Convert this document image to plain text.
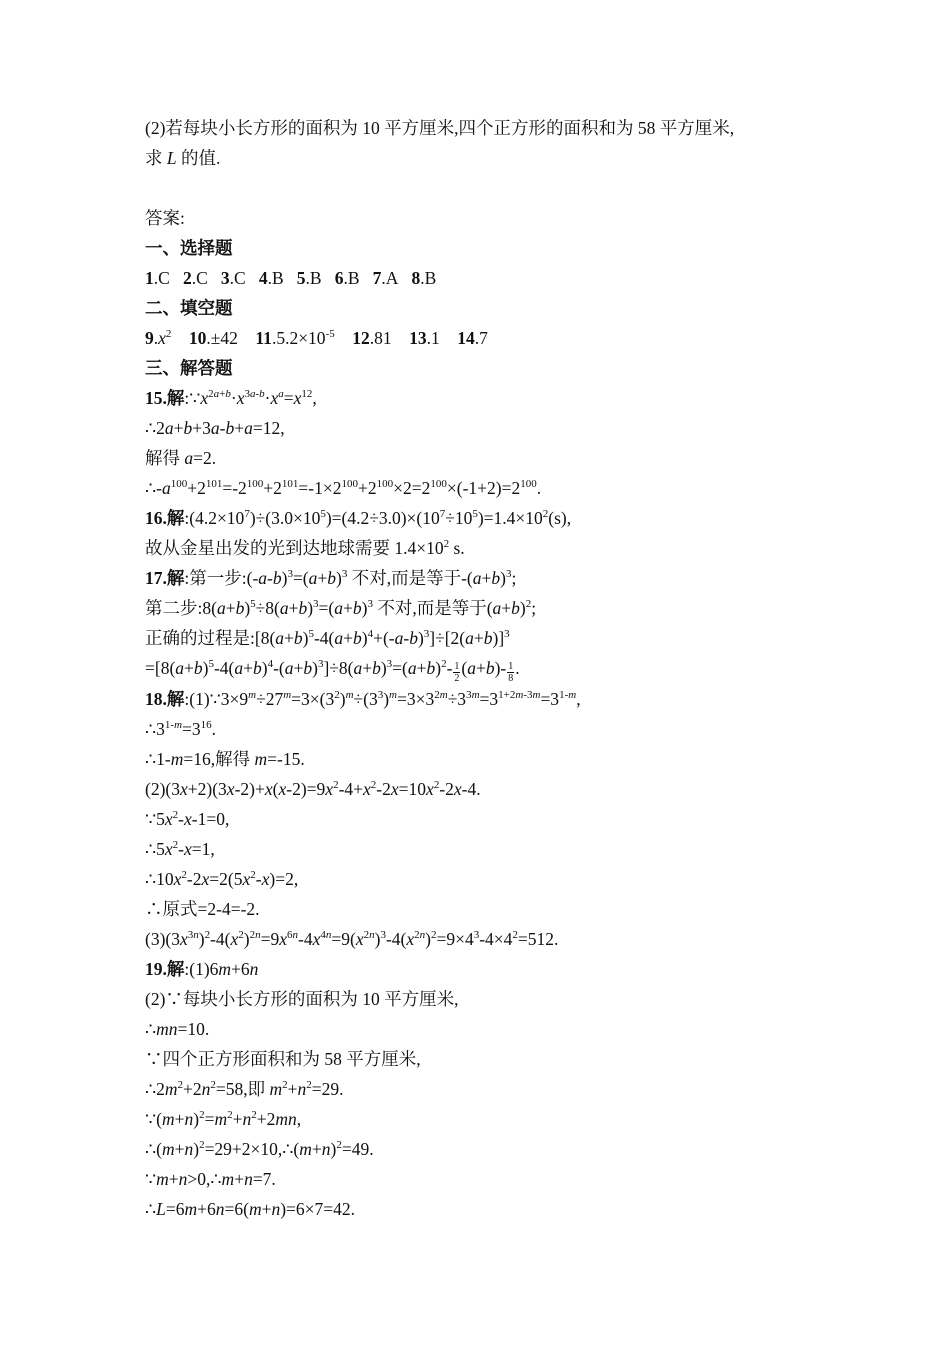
(2)若每块小长方形的面积为 10 平方厘米,四个正方形的面积和为 58 平方厘米,
求 L 的值.
答案:
一、选择题
1.C 2.C 3.C 4.B 5.B 6.B 7.A 8.B
二、填空题
$9.x^2$ 10.±42 $11.5.2\times 10^{-5}$ 12.81 13.1 14.7
三、解答题
15.解$:\because x^{2a+b}\cdot x^{3a-b}\cdot x^a=x^{12}$,
∴2a+b+3a-b+a=12,
解得 a=2.
$\therefore-a^{100}+2^{101}=-2^{100}+2^{101}=-1\times 2^{100}+2^{100}\times 2=2^{100}\times(-1+2)=2^{100}$.
16.解$:(4.2\times 10^7)\div(3.0\times 10^5)=(4.2\div 3.0)\times(10^7\div 10^5)=1.4\times 10^2(s)$,
故从金星出发的光到达地球需要 $1.4\times 10^2$ s.
17.解:第一步$:(-a-b)^3=(a+b)^3$ 不对,而是等于$-(a+b)^3$;
第二步$:8(a+b)^5\div 8(a+b)^3=(a+b)^3$ 不对,而是等于$(a+b)^2$;
正确的过程是$:[8(a+b)^5-4(a+b)^4+(-a-b)^3]\div[2(a+b)]^3$
$=[8(a+b)^5-4(a+b)^4-(a+b)^3]\div 8(a+b)^3=(a+b)^2- \frac{1}{2} (a+b)- \frac{1}{8}$ .
18.解$:(1)\because 3\times 9^m\div 27^m=3\times(3^2)^m\div(3^3)^m=3\times 3^{2m}\div 3^{3m}=3^{1+2m-3m}=3^{1-m}$,
$\therefore 3^{1-m}=3^{16}$.
∴1-m=16,解得 m=-15.
$(2)(3x+2)(3x-2)+x(x-2)=9x^2-4+x^2-2x=10x^2-2x-4$.
$\because 5x^2-x-1=0$,
$\therefore 5x^2-x=1$,
$\therefore 10x^2-2x=2(5x^2-x)=2$,
∴原式=2-4=-2.
$(3)(3x^{3n})^2-4(x^2)^{2n}=9x^{6n}-4x^{4n}=9(x^{2n})^3-4(x^{2n})^2=9\times 4^3-4\times 4^2=512$.
19.解:(1)6m+6n
(2)∵每块小长方形的面积为 10 平方厘米,
∴mn=10.
∵四个正方形面积和为 58 平方厘米,
$\therefore 2m^2+2n^2=58$,即 $m^2+n^2=29$.
$\because(m+n)^2=m^2+n^2+2mn$,
$\therefore(m+n)^2=29+2\times 10,\therefore(m+n)^2=49$.
∵m+n>0,∴m+n=7.
∴L=6m+6n=6(m+n)=6×7=42.
